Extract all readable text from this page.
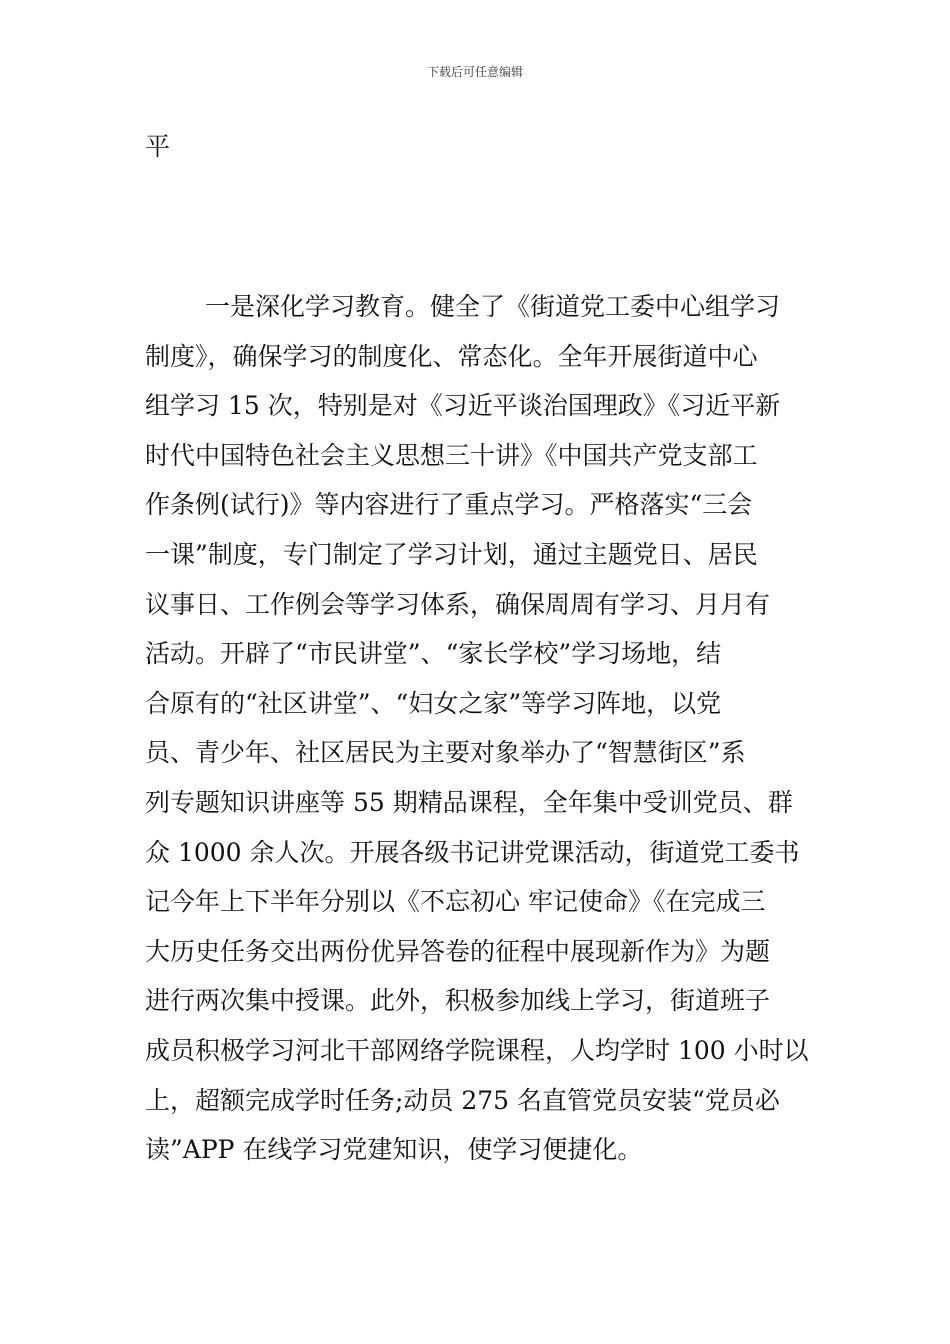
下载后可任意编辑
平
一是深化学习教育。健全了《街道党工委中心组学习
制度》，确保学习的制度化、常态化。全年开展街道中心
组学习 15 次，特别是对《习近平谈治国理政》《习近平新
时代中国特色社会主义思想三十讲》《中国共产党支部工
作条例(试行)》等内容进行了重点学习。严格落实“三会
一课”制度，专门制定了学习计划，通过主题党日、居民
议事日、工作例会等学习体系，确保周周有学习、月月有
活动。开辟了“市民讲堂”、“家长学校”学习场地，结
合原有的“社区讲堂”、“妇女之家”等学习阵地，以党
员、青少年、社区居民为主要对象举办了“智慧街区”系
列专题知识讲座等 55 期精品课程，全年集中受训党员、群
众 1000 余人次。开展各级书记讲党课活动，街道党工委书
记今年上下半年分别以《不忘初心 牢记使命》《在完成三
大历史任务交出两份优异答卷的征程中展现新作为》为题
进行两次集中授课。此外，积极参加线上学习，街道班子
成员积极学习河北干部网络学院课程，人均学时 100 小时以
上，超额完成学时任务;动员 275 名直管党员安装“党员必
读”APP 在线学习党建知识，使学习便捷化。
